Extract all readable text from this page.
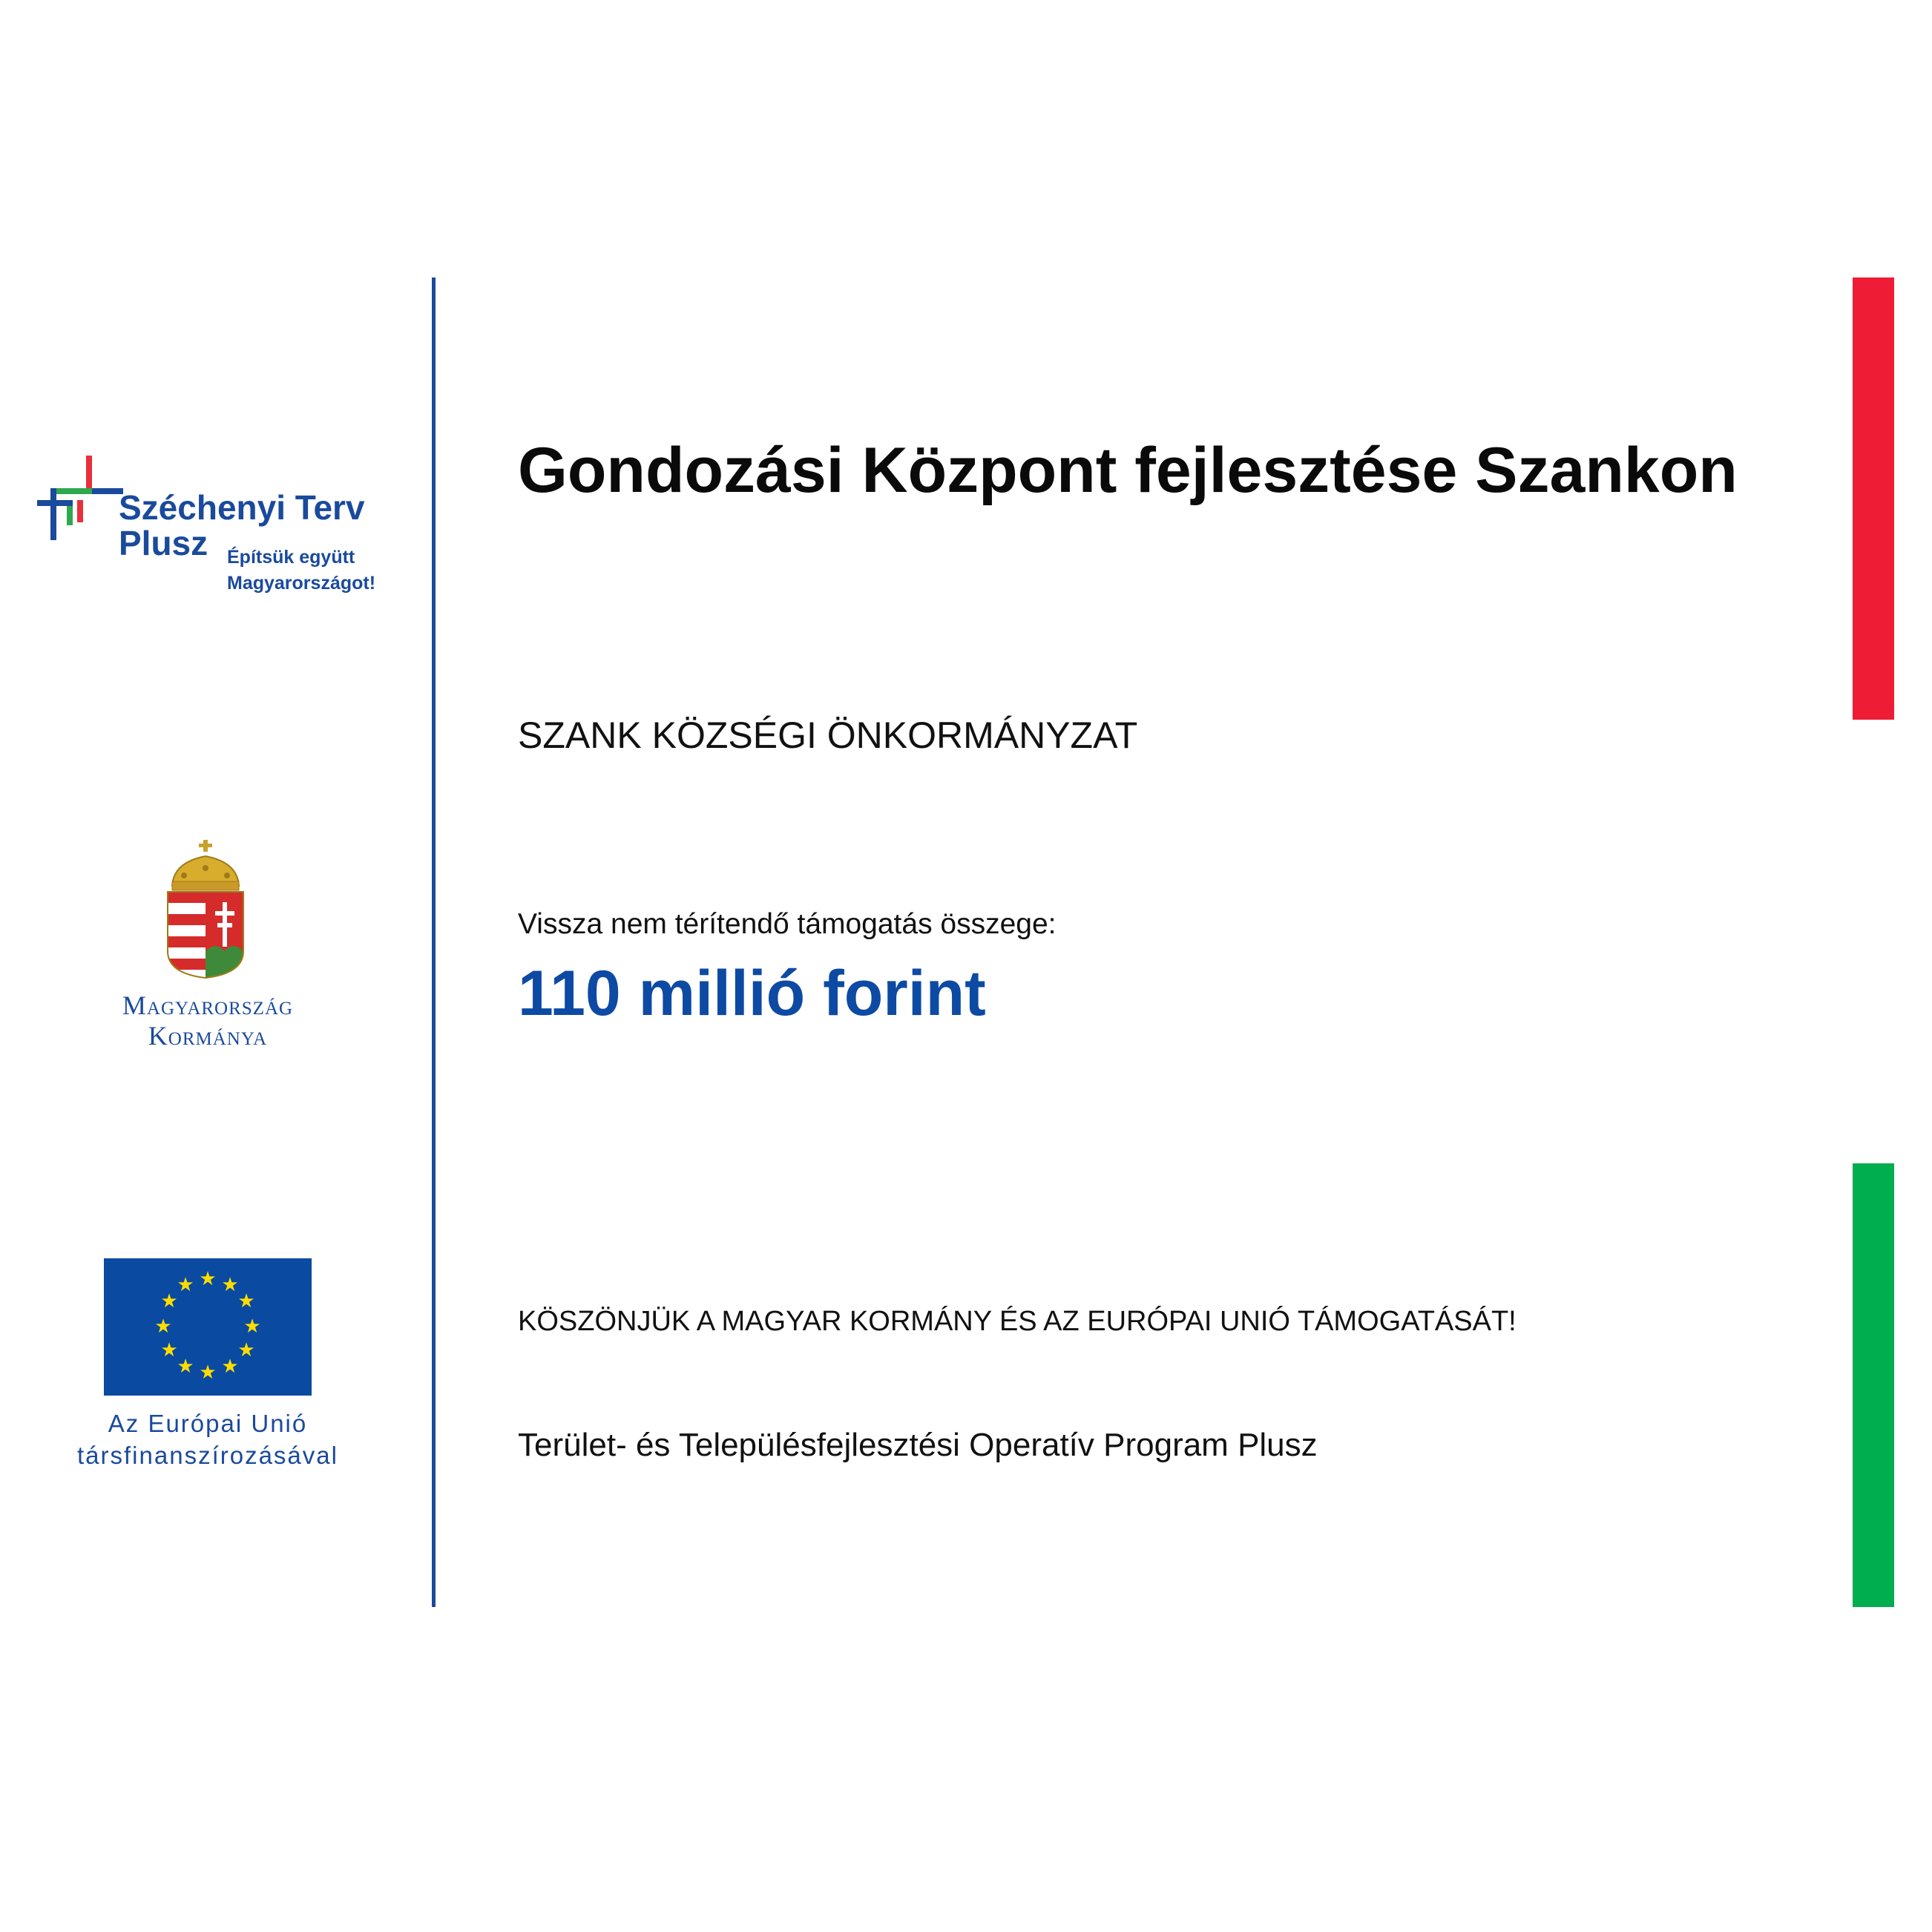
Széchenyi Terv
Plusz	Építsük együtt
Magyarországot!
Magyarország
Kormánya
★ ★
★
★
★
★
★
★
★
★
★
★
Az Európai Unió
társfinanszírozásával
Gondozási Központ fejlesztése Szankon
SZANK KÖZSÉGI ÖNKORMÁNYZAT
Vissza nem térítendő támogatás összege:
110 millió forint
KÖSZÖNJÜK A MAGYAR KORMÁNY ÉS AZ EURÓPAI UNIÓ TÁMOGATÁSÁT!
Terület- és Településfejlesztési Operatív Program Plusz
